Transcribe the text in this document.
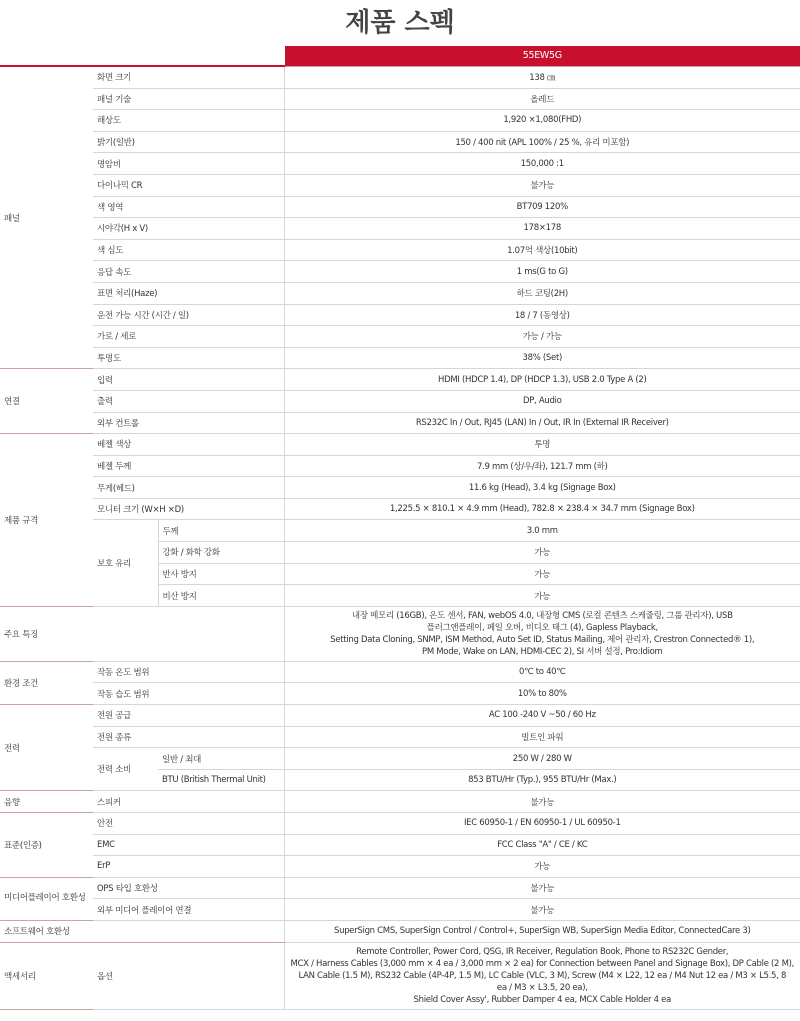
제품 스펙
			55EW5G
패널	화면 크기		138 ㎝
	패널 기술		올레드
	해상도		1,920 ×1,080(FHD)
	밝기(일반)		150 / 400 nit (APL 100% / 25 %, 유리 미포함)
	명암비		150,000 :1
	다이나믹 CR		불가능
	색 영역		BT709 120%
	시야각(H x V)		178×178
	색 심도		1.07억 색상(10bit)
	응답 속도		1 ms(G to G)
	표면 처리(Haze)		하드 코팅(2H)
	운전 가능 시간 (시간 / 일)		18 / 7 (동영상)
	가로 / 세로		가능 / 가능
	투명도		38% (Set)
연결	입력		HDMI (HDCP 1.4), DP (HDCP 1.3), USB 2.0 Type A (2)
	출력		DP, Audio
	외부 컨트롤		RS232C In / Out, RJ45 (LAN) In / Out, IR In (External IR Receiver)
제품 규격	베젤 색상		투명
	베젤 두께		7.9 mm (상/우/좌), 121.7 mm (하)
	무게(헤드)		11.6 kg (Head), 3.4 kg (Signage Box)
	모니터 크기 (W×H ×D)		1,225.5 × 810.1 × 4.9 mm (Head), 782.8 × 238.4 × 34.7 mm (Signage Box)
	보호 유리	두께	3.0 mm
		강화 / 화학 강화	가능
		반사 방지	가능
		비산 방지	가능
주요 특징			내장 메모리 (16GB), 온도 센서, FAN, webOS 4.0, 내장형 CMS (로컬 콘텐츠 스케줄링, 그룹 관리자), USB
플러그앤플레이, 페일 오버, 비디오 태그 (4), Gapless Playback,
Setting Data Cloning, SNMP, ISM Method, Auto Set ID, Status Mailing, 제어 관리자, Crestron Connected® 1),
PM Mode, Wake on LAN, HDMI-CEC 2), SI 서버 설정, Pro:Idiom

환경 조건	작동 온도 범위		0℃ to 40℃
	작동 습도 범위		10% to 80%
전력	전원 공급		AC 100 -240 V ~50 / 60 Hz
	전원 종류		빌트인 파워
	전력 소비	일반 / 최대	250 W / 280 W
		BTU (British Thermal Unit)	853 BTU/Hr (Typ.), 955 BTU/Hr (Max.)
음향	스피커		불가능
표준(인증)	안전		IEC 60950-1 / EN 60950-1 / UL 60950-1
	EMC		FCC Class "A" / CE / KC
	ErP		가능
미디어플레이어 호환성	OPS 타입 호환성		불가능
	외부 미디어 플레이어 연결		불가능
소프트웨어 호환성			SuperSign CMS, SuperSign Control / Control+, SuperSign WB, SuperSign Media Editor, ConnectedCare 3)
액세서리	옵션		Remote Controller, Power Cord, QSG, IR Receiver, Regulation Book, Phone to RS232C Gender,
MCX / Harness Cables (3,000 mm × 4 ea / 3,000 mm × 2 ea) for Connection between Panel and Signage Box), DP Cable (2 M),
LAN Cable (1.5 M), RS232 Cable (4P-4P, 1.5 M), LC Cable (VLC, 3 M), Screw (M4 × L22, 12 ea / M4 Nut 12 ea / M3 × L5.5, 8
ea / M3 × L3.5, 20 ea),
Shield Cover Assy', Rubber Damper 4 ea, MCX Cable Holder 4 ea
